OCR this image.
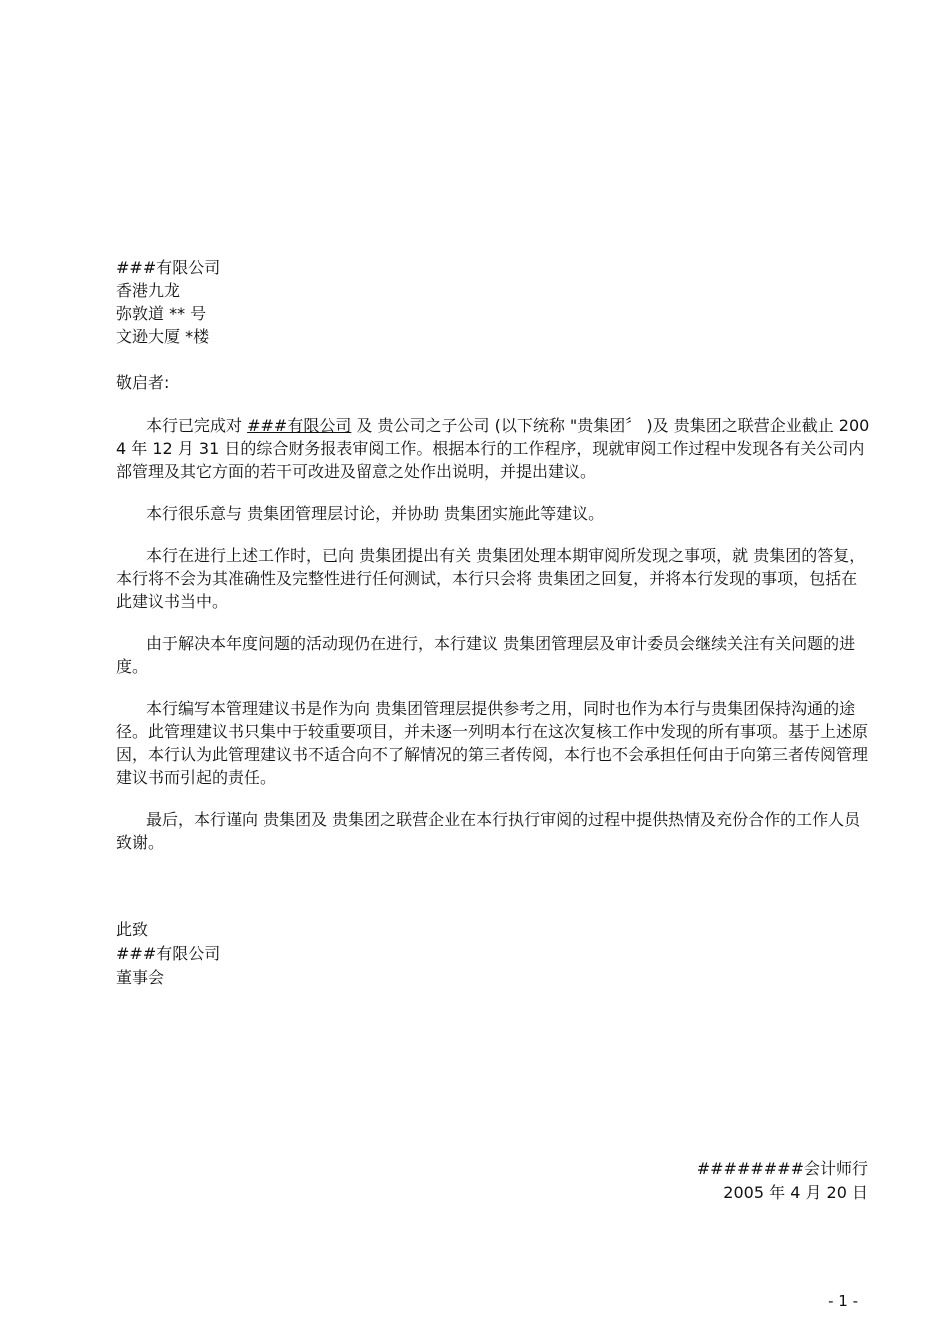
###有限公司
香港九龙
弥敦道 ** 号
文逊大厦 *楼
敬启者:

本行已完成对 ###有限公司 及 贵公司之子公司 (以下统称 "贵集团〞 )及 贵集团之联营企业截止 2004 年 12 月 31 日的综合财务报表审阅工作。根据本行的工作程序，现就审阅工作过程中发现各有关公司内部管理及其它方面的若干可改进及留意之处作出说明，并提出建议。

本行很乐意与 贵集团管理层讨论，并协助 贵集团实施此等建议。

本行在进行上述工作时，已向 贵集团提出有关 贵集团处理本期审阅所发现之事项，就 贵集团的答复，本行将不会为其准确性及完整性进行任何测试，本行只会将 贵集团之回复，并将本行发现的事项，包括在此建议书当中。

由于解决本年度问题的活动现仍在进行，本行建议 贵集团管理层及审计委员会继续关注有关问题的进度。

本行编写本管理建议书是作为向 贵集团管理层提供参考之用，同时也作为本行与贵集团保持沟通的途径。此管理建议书只集中于较重要项目，并未逐一列明本行在这次复核工作中发现的所有事项。基于上述原因，本行认为此管理建议书不适合向不了解情况的第三者传阅，本行也不会承担任何由于向第三者传阅管理建议书而引起的责任。

最后，本行谨向 贵集团及 贵集团之联营企业在本行执行审阅的过程中提供热情及充份合作的工作人员致谢。

此致
###有限公司
董事会
########会计师行
2005 年 4 月 20 日
- 1 -
